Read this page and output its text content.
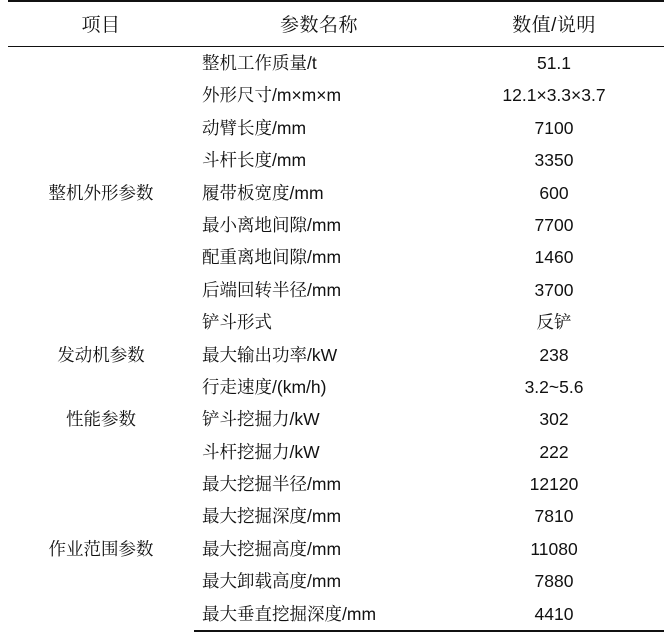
项目	参数名称	数值/说明
整机外形参数	整机工作质量/t	51.1
	外形尺寸/m×m×m	12.1×3.3×3.7
	动臂长度/mm	7100
	斗杆长度/mm	3350
	履带板宽度/mm	600
	最小离地间隙/mm	7700
	配重离地间隙/mm	1460
	后端回转半径/mm	3700
	铲斗形式	反铲
发动机参数	最大输出功率/kW	238
性能参数	行走速度/(km/h)	3.2~5.6
	铲斗挖掘力/kW	302
	斗杆挖掘力/kW	222
作业范围参数	最大挖掘半径/mm	12120
	最大挖掘深度/mm	7810
	最大挖掘高度/mm	11080
	最大卸载高度/mm	7880
	最大垂直挖掘深度/mm	4410
